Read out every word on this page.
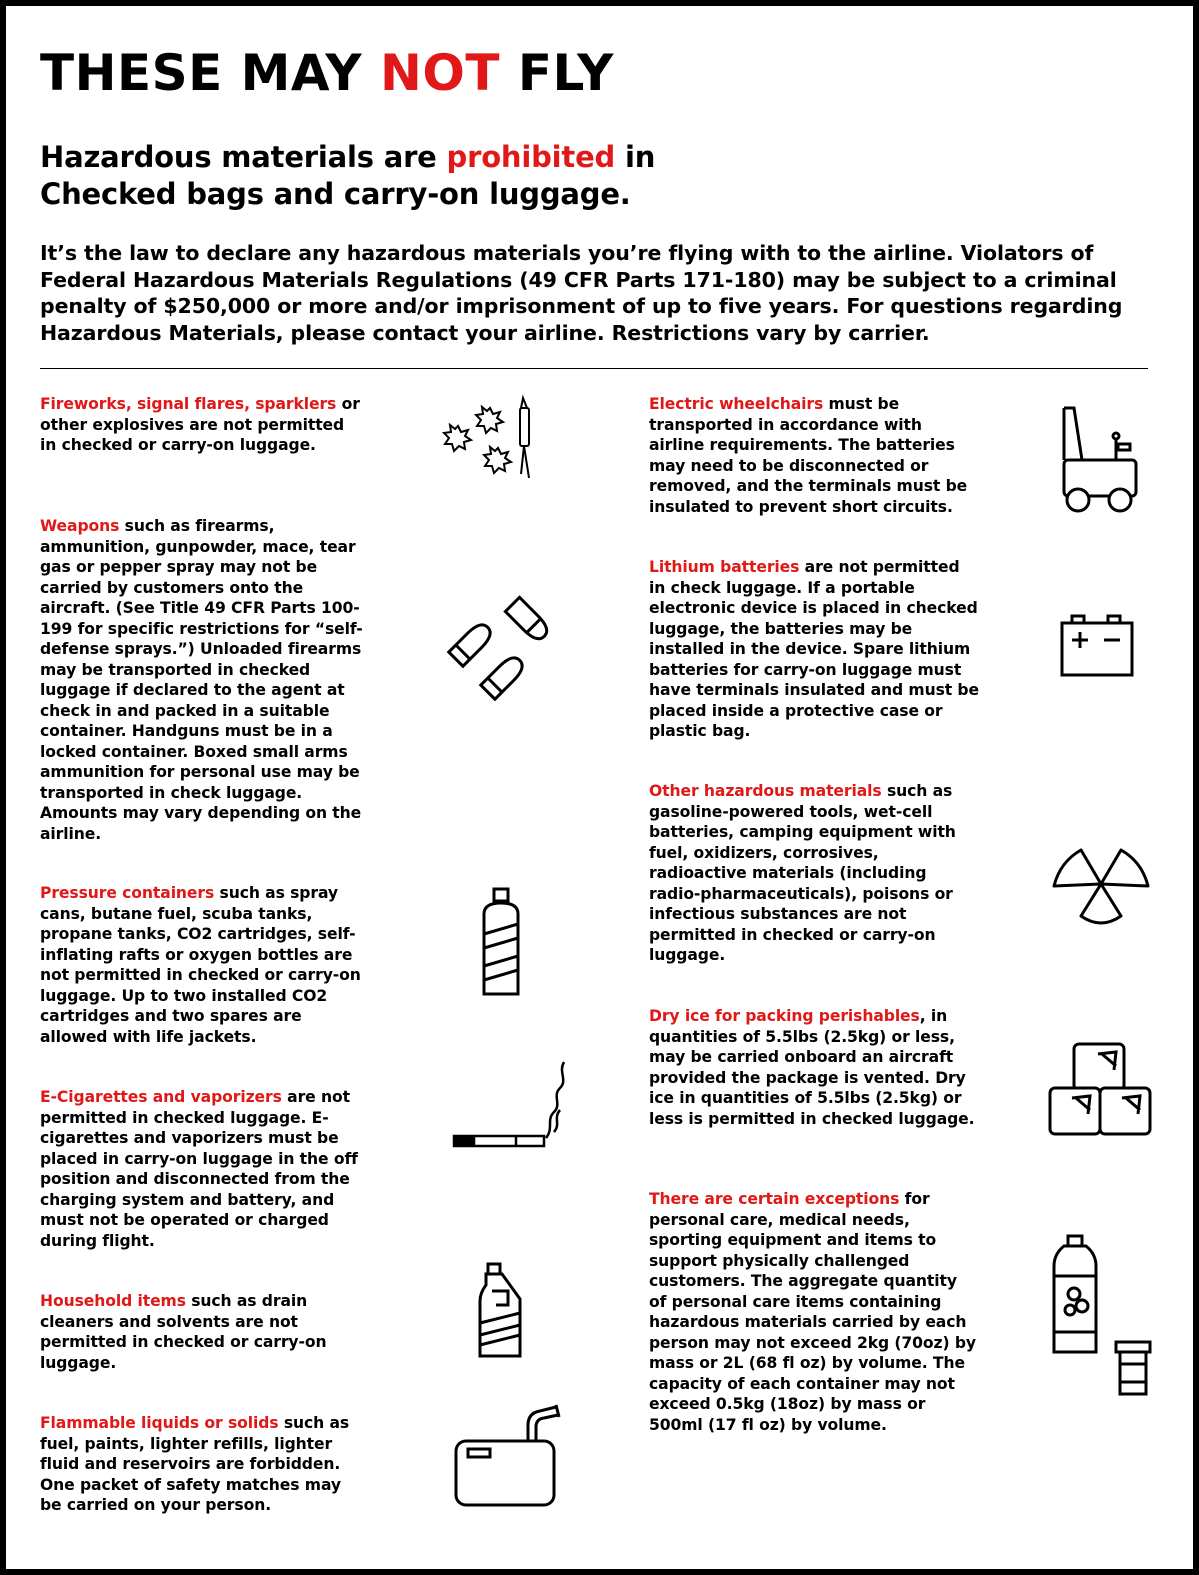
THESE MAY NOT FLY
Hazardous materials are prohibited in
Checked bags and carry-on luggage.
It’s the law to declare any hazardous materials you’re flying with to the airline. Violators of Federal Hazardous Materials Regulations (49 CFR Parts 171-180) may be subject to a criminal penalty of $250,000 or more and/or imprisonment of up to five years. For questions regarding Hazardous Materials, please contact your airline. Restrictions vary by carrier.
Fireworks, signal flares, sparklers or other explosives are not permitted in checked or carry-on luggage.
Weapons such as firearms, ammunition, gunpowder, mace, tear gas or pepper spray may not be carried by customers onto the aircraft. (See Title 49 CFR Parts 100-199 for specific restrictions for “self-defense sprays.”) Unloaded firearms may be transported in checked luggage if declared to the agent at check in and packed in a suitable container. Handguns must be in a locked container. Boxed small arms ammunition for personal use may be transported in check luggage. Amounts may vary depending on the airline.
Pressure containers such as spray cans, butane fuel, scuba tanks, propane tanks, CO2 cartridges, self-inflating rafts or oxygen bottles are not permitted in checked or carry-on luggage. Up to two installed CO2 cartridges and two spares are allowed with life jackets.
E-Cigarettes and vaporizers are not permitted in checked luggage. E-cigarettes and vaporizers must be placed in carry-on luggage in the off position and disconnected from the charging system and battery, and must not be operated or charged during flight.
Household items such as drain cleaners and solvents are not permitted in checked or carry-on luggage.
Flammable liquids or solids such as fuel, paints, lighter refills, lighter fluid and reservoirs are forbidden. One packet of safety matches may be carried on your person.
Electric wheelchairs must be transported in accordance with airline requirements. The batteries may need to be disconnected or removed, and the terminals must be insulated to prevent short circuits.
Lithium batteries are not permitted in check luggage. If a portable electronic device is placed in checked luggage, the batteries may be installed in the device. Spare lithium batteries for carry-on luggage must have terminals insulated and must be placed inside a protective case or plastic bag.
Other hazardous materials such as gasoline-powered tools, wet-cell batteries, camping equipment with fuel, oxidizers, corrosives, radioactive materials (including radio-pharmaceuticals), poisons or infectious substances are not permitted in checked or carry-on luggage.
Dry ice for packing perishables, in quantities of 5.5lbs (2.5kg) or less, may be carried onboard an aircraft provided the package is vented. Dry ice in quantities of 5.5lbs (2.5kg) or less is permitted in checked luggage.
There are certain exceptions for personal care, medical needs, sporting equipment and items to support physically challenged customers. The aggregate quantity of personal care items containing hazardous materials carried by each person may not exceed 2kg (70oz) by mass or 2L (68 fl oz) by volume. The capacity of each container may not exceed 0.5kg (18oz) by mass or 500ml (17 fl oz) by volume.
